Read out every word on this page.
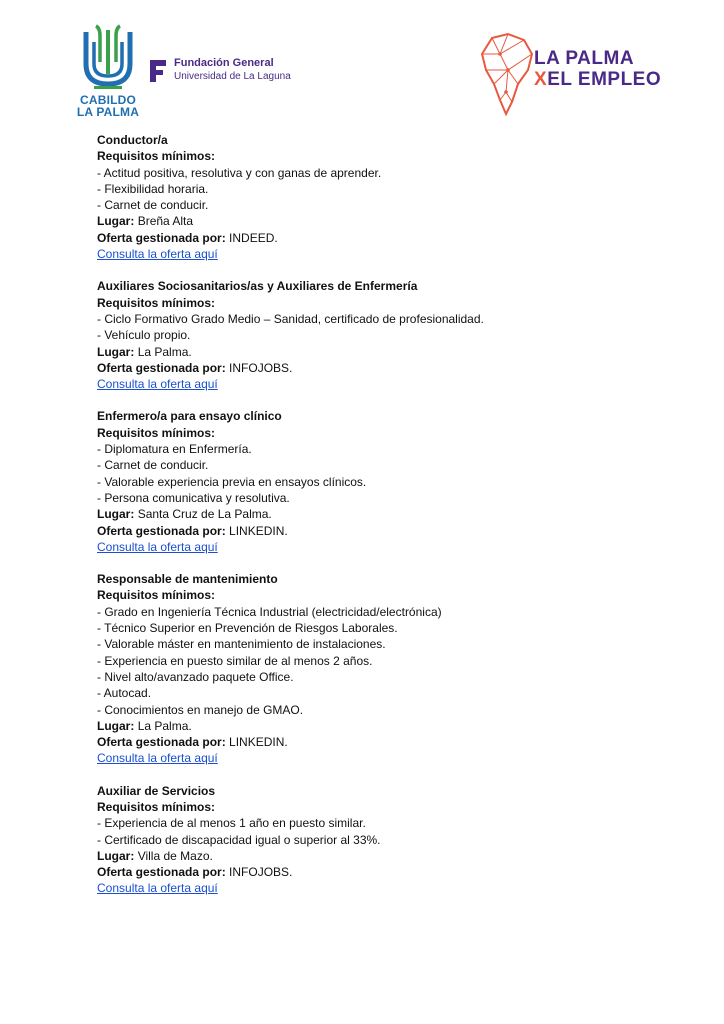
CABILDO
LA PALMA
Fundación General
Universidad de La Laguna
LA PALMA
XEL EMPLEO
Conductor/a
Requisitos mínimos:
- Actitud positiva, resolutiva y con ganas de aprender.
- Flexibilidad horaria.
- Carnet de conducir.
Lugar: Breña Alta
Oferta gestionada por: INDEED.
Consulta la oferta aquí
Auxiliares Sociosanitarios/as y Auxiliares de Enfermería
Requisitos mínimos:
- Ciclo Formativo Grado Medio – Sanidad, certificado de profesionalidad.
- Vehículo propio.
Lugar: La Palma.
Oferta gestionada por: INFOJOBS.
Consulta la oferta aquí
Enfermero/a para ensayo clínico
Requisitos mínimos:
- Diplomatura en Enfermería.
- Carnet de conducir.
- Valorable experiencia previa en ensayos clínicos.
- Persona comunicativa y resolutiva.
Lugar: Santa Cruz de La Palma.
Oferta gestionada por: LINKEDIN.
Consulta la oferta aquí
Responsable de mantenimiento
Requisitos mínimos:
- Grado en Ingeniería Técnica Industrial (electricidad/electrónica)
- Técnico Superior en Prevención de Riesgos Laborales.
- Valorable máster en mantenimiento de instalaciones.
- Experiencia en puesto similar de al menos 2 años.
- Nivel alto/avanzado paquete Office.
- Autocad.
- Conocimientos en manejo de GMAO.
Lugar: La Palma.
Oferta gestionada por: LINKEDIN.
Consulta la oferta aquí
Auxiliar de Servicios
Requisitos mínimos:
- Experiencia de al menos 1 año en puesto similar.
- Certificado de discapacidad igual o superior al 33%.
Lugar: Villa de Mazo.
Oferta gestionada por: INFOJOBS.
Consulta la oferta aquí
